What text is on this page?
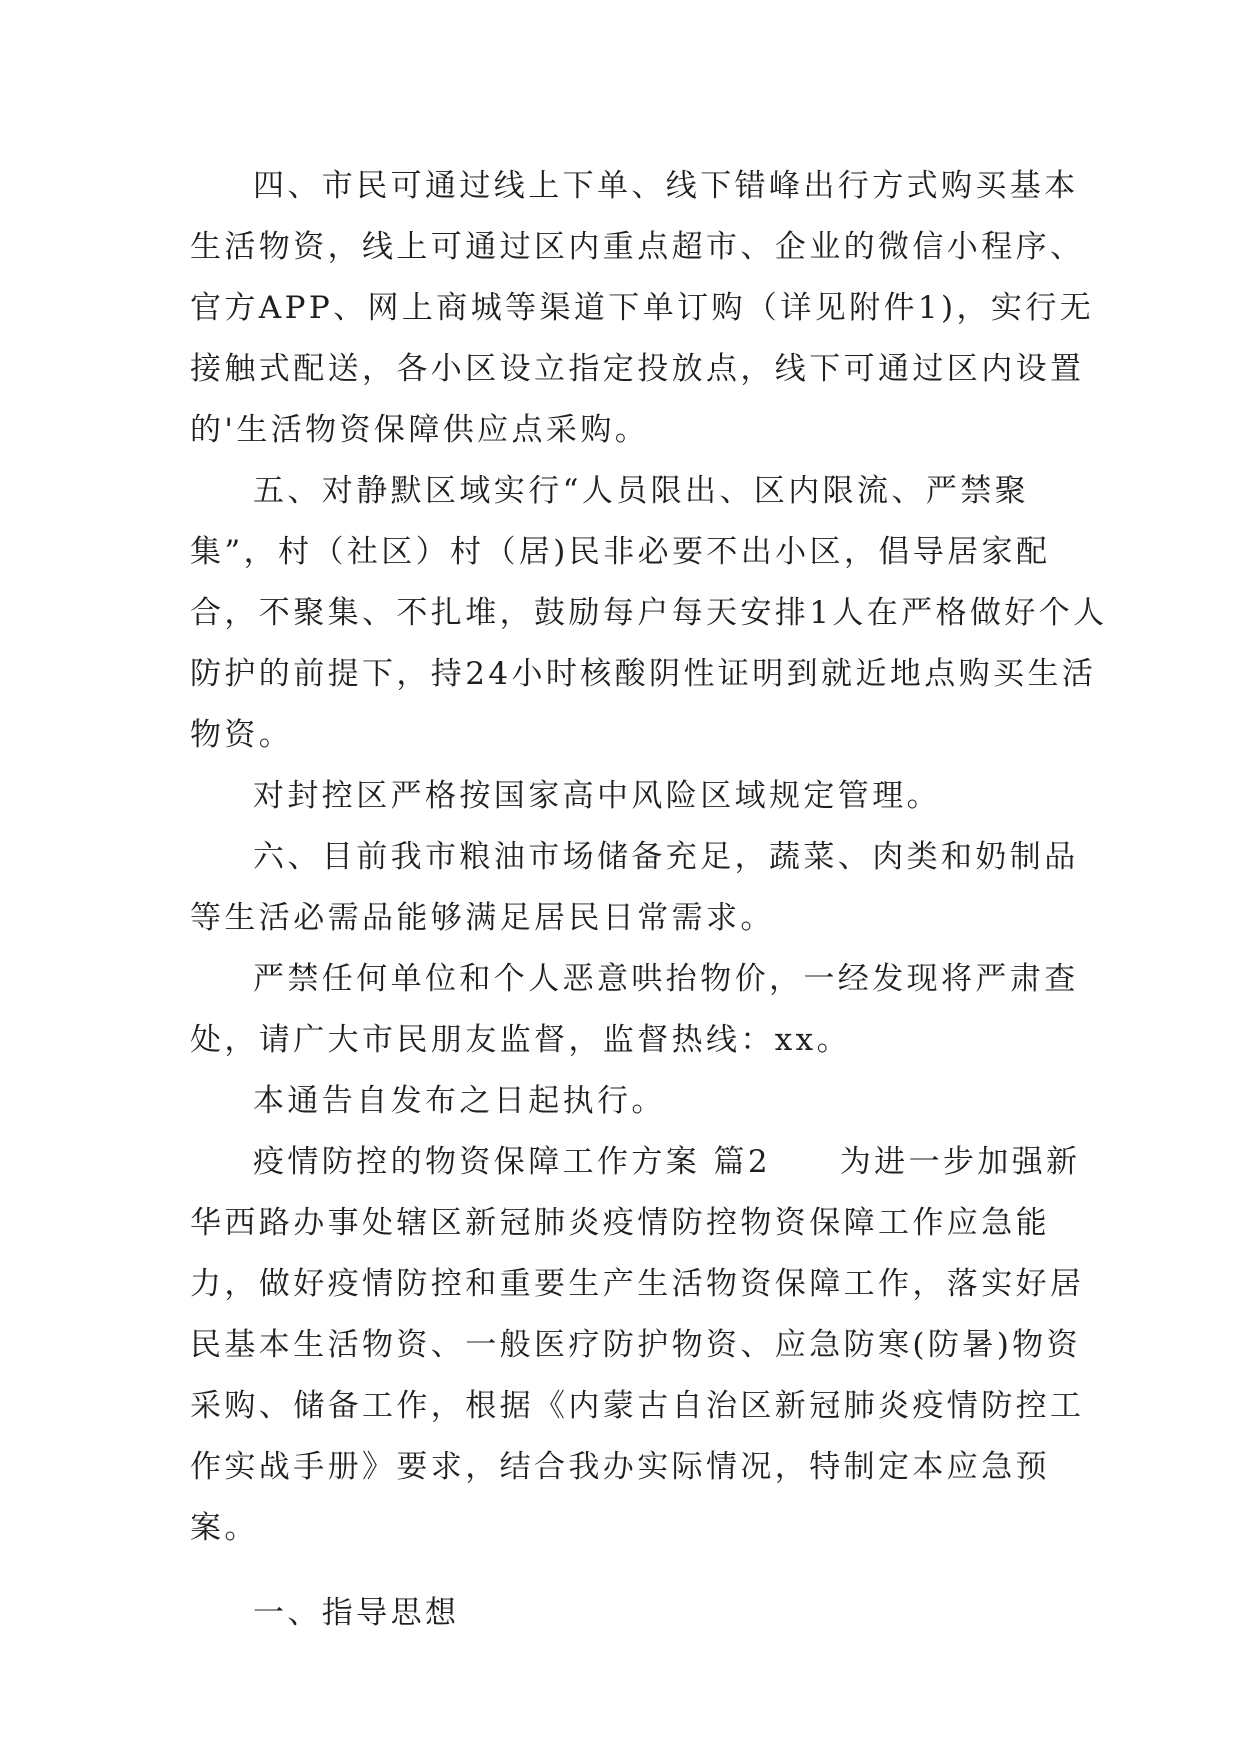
四、市民可通过线上下单、线下错峰出行方式购买基本生活物资，线上可通过区内重点超市、企业的微信小程序、官方APP、网上商城等渠道下单订购（详见附件1)，实行无接触式配送，各小区设立指定投放点，线下可通过区内设置的'生活物资保障供应点采购。

五、对静默区域实行“人员限出、区内限流、严禁聚集”，村（社区）村（居)民非必要不出小区，倡导居家配合，不聚集、不扎堆，鼓励每户每天安排1人在严格做好个人防护的前提下，持24小时核酸阴性证明到就近地点购买生活物资。

对封控区严格按国家高中风险区域规定管理。

六、目前我市粮油市场储备充足，蔬菜、肉类和奶制品等生活必需品能够满足居民日常需求。

严禁任何单位和个人恶意哄抬物价，一经发现将严肃查处，请广大市民朋友监督，监督热线：xx。

本通告自发布之日起执行。

疫情防控的物资保障工作方案 篇2　　为进一步加强新华西路办事处辖区新冠肺炎疫情防控物资保障工作应急能力，做好疫情防控和重要生产生活物资保障工作，落实好居民基本生活物资、一般医疗防护物资、应急防寒(防暑)物资采购、储备工作，根据《内蒙古自治区新冠肺炎疫情防控工作实战手册》要求，结合我办实际情况，特制定本应急预案。

一、指导思想
